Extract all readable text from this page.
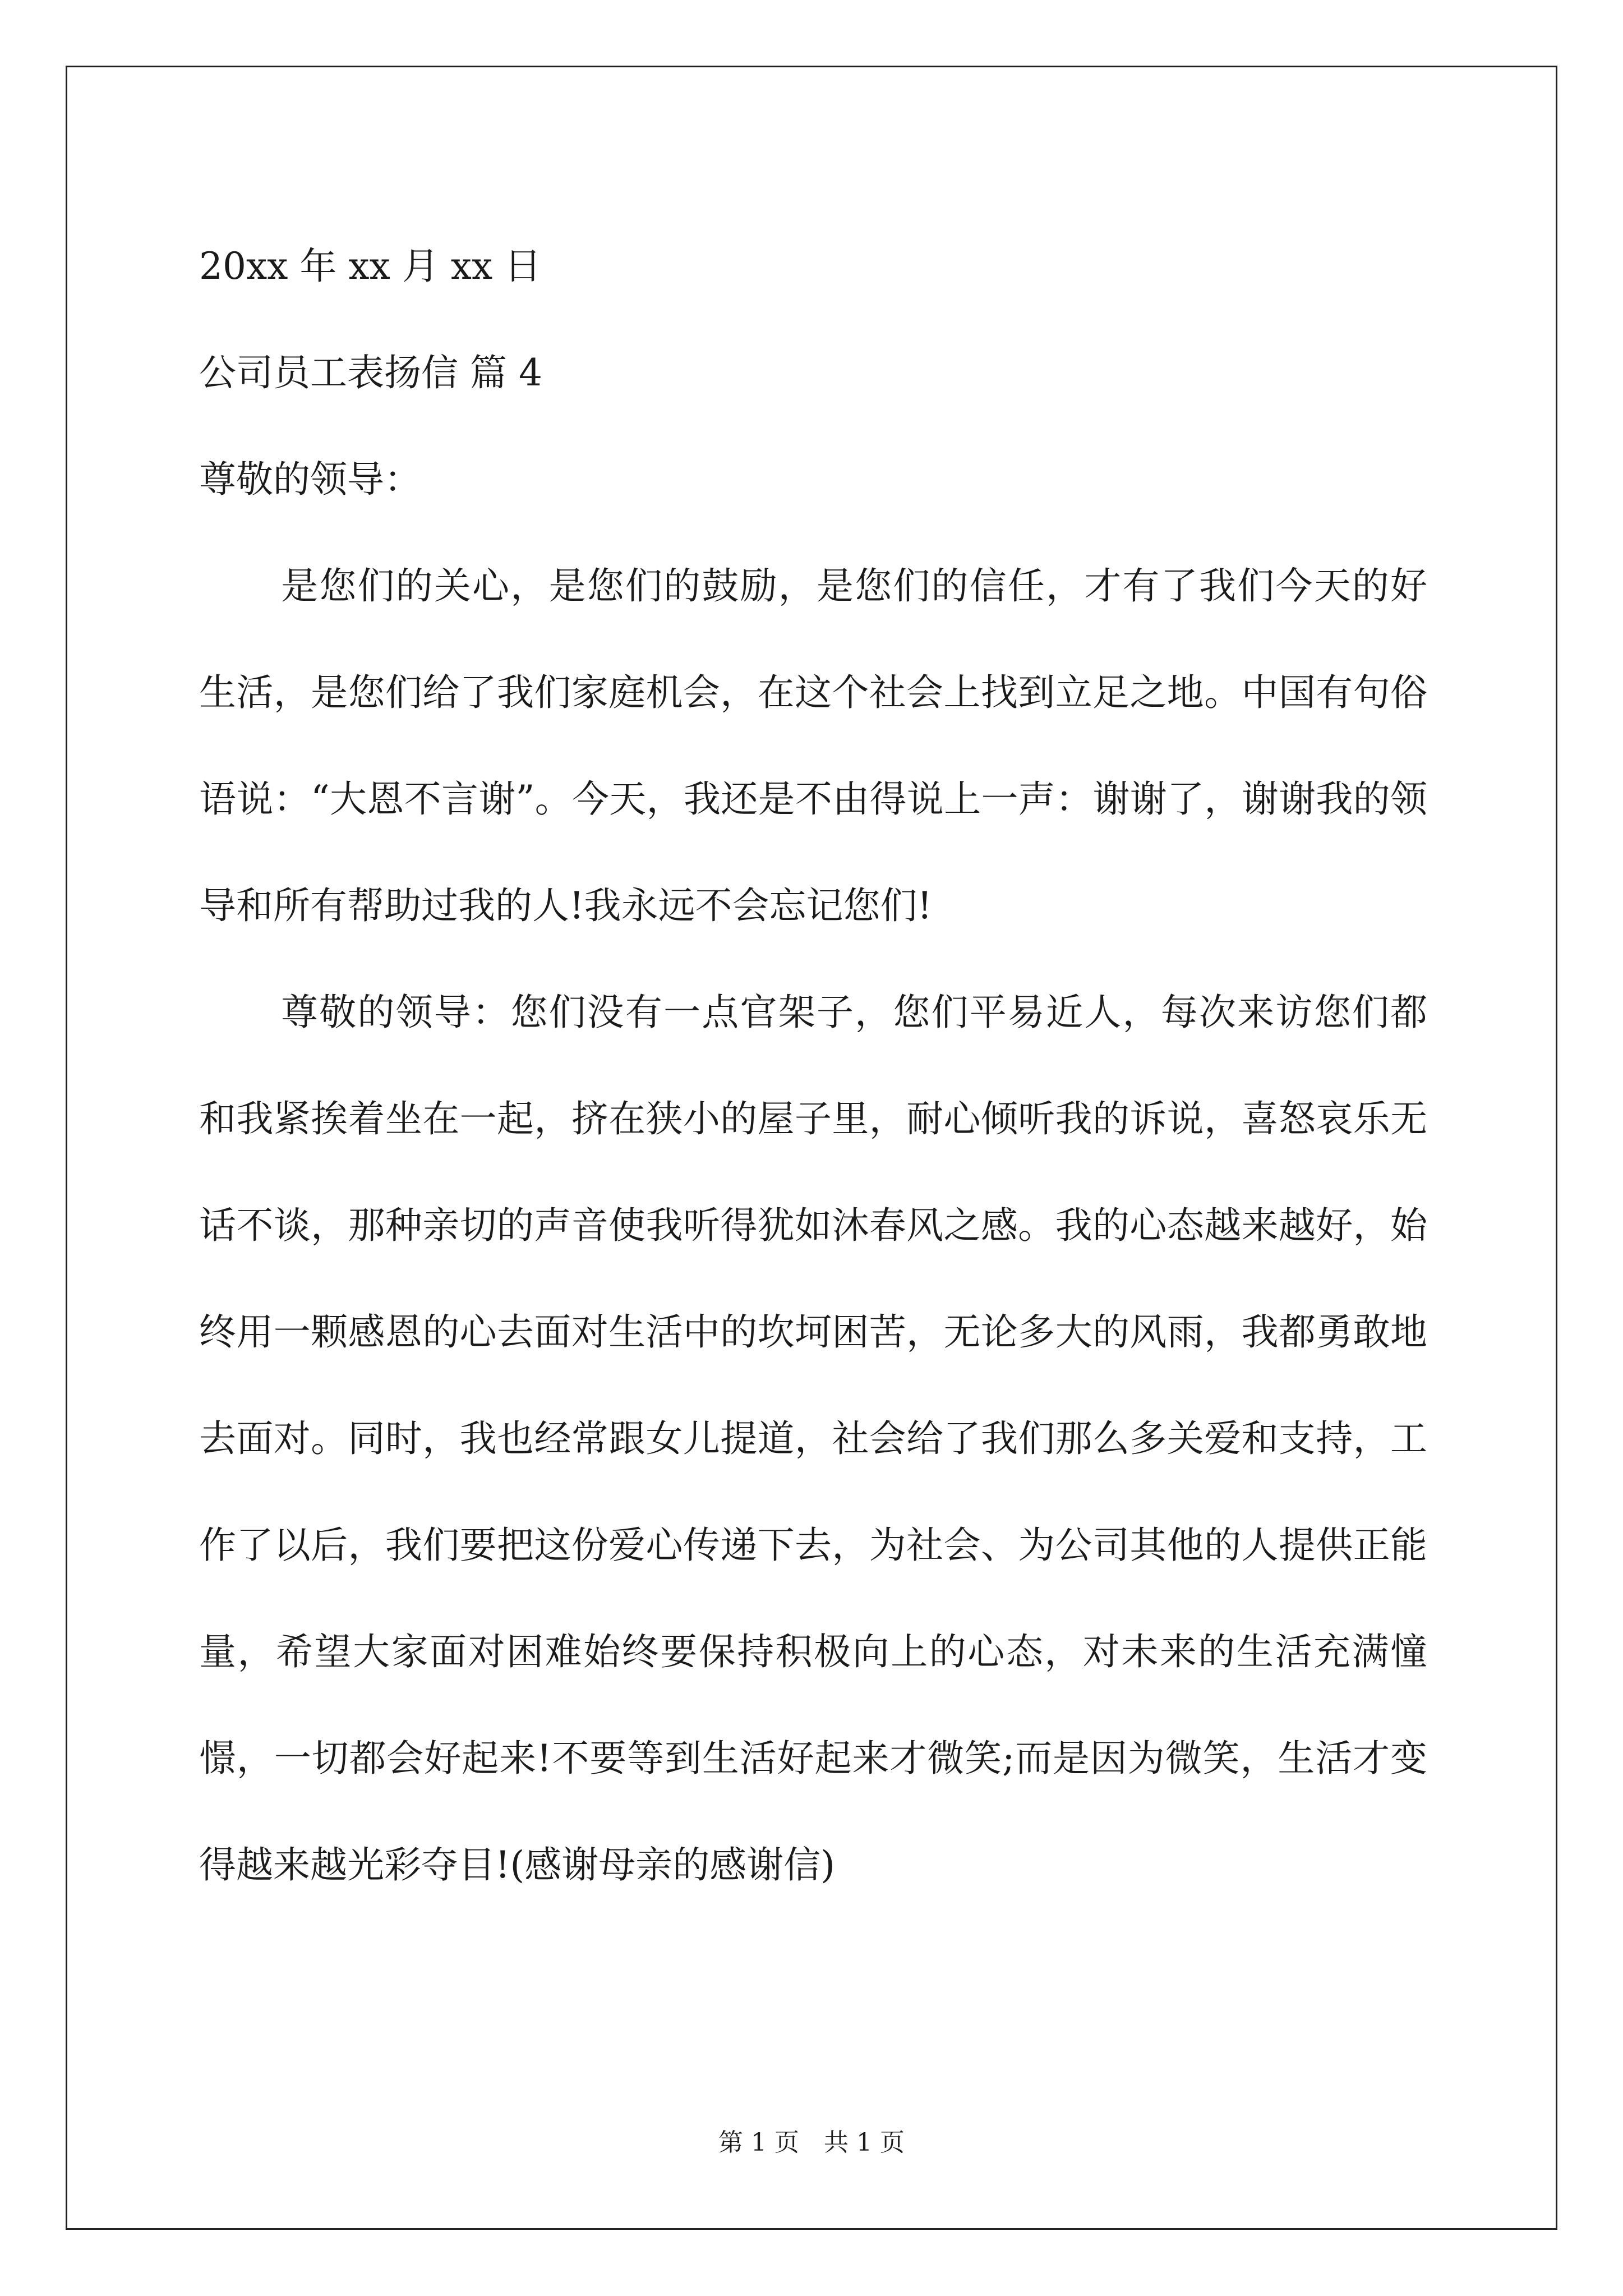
20xx 年 xx 月 xx 日

公司员工表扬信 篇 4

尊敬的领导：

是您们的关心，是您们的鼓励，是您们的信任，才有了我们今天的好生活，是您们给了我们家庭机会，在这个社会上找到立足之地。中国有句俗语说：“大恩不言谢”。今天，我还是不由得说上一声：谢谢了，谢谢我的领导和所有帮助过我的人!我永远不会忘记您们!

尊敬的领导：您们没有一点官架子，您们平易近人，每次来访您们都和我紧挨着坐在一起，挤在狭小的屋子里，耐心倾听我的诉说，喜怒哀乐无话不谈，那种亲切的声音使我听得犹如沐春风之感。我的心态越来越好，始终用一颗感恩的心去面对生活中的坎坷困苦，无论多大的风雨，我都勇敢地去面对。同时，我也经常跟女儿提道，社会给了我们那么多关爱和支持，工作了以后，我们要把这份爱心传递下去，为社会、为公司其他的人提供正能量，希望大家面对困难始终要保持积极向上的心态，对未来的生活充满憧憬，一切都会好起来!不要等到生活好起来才微笑;而是因为微笑，生活才变得越来越光彩夺目!(感谢母亲的感谢信)

第 1 页　共 1 页
